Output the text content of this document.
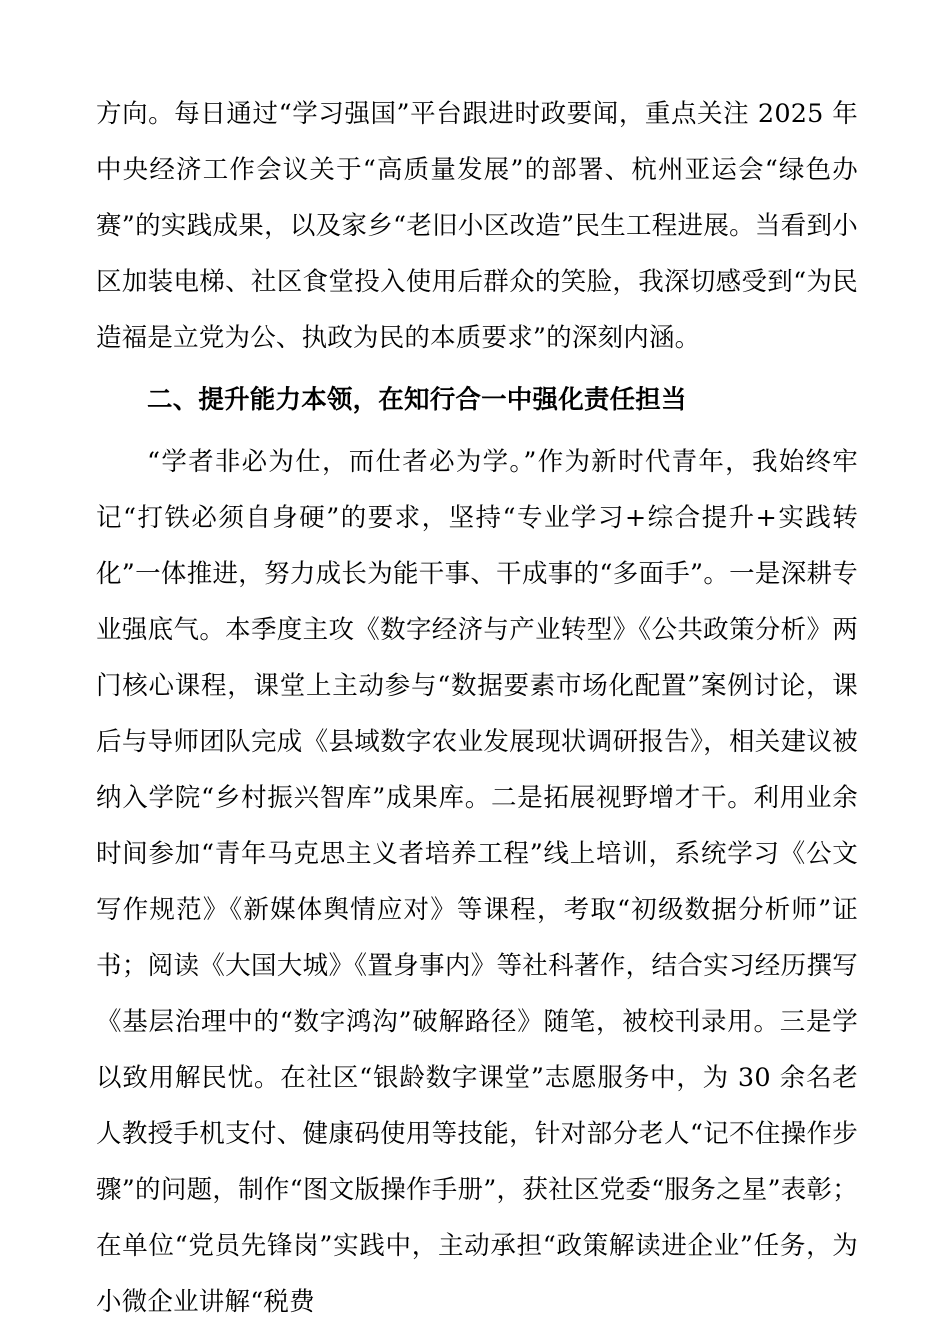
方向。每日通过“学习强国”平台跟进时政要闻，重点关注 2025 年中央经济工作会议关于“高质量发展”的部署、杭州亚运会“绿色办赛”的实践成果，以及家乡“老旧小区改造”民生工程进展。当看到小区加装电梯、社区食堂投入使用后群众的笑脸，我深切感受到“为民造福是立党为公、执政为民的本质要求”的深刻内涵。

二、提升能力本领，在知行合一中强化责任担当

“学者非必为仕，而仕者必为学。”作为新时代青年，我始终牢记“打铁必须自身硬”的要求，坚持“专业学习+综合提升+实践转化”一体推进，努力成长为能干事、干成事的“多面手”。一是深耕专业强底气。本季度主攻《数字经济与产业转型》《公共政策分析》两门核心课程，课堂上主动参与“数据要素市场化配置”案例讨论，课后与导师团队完成《县域数字农业发展现状调研报告》，相关建议被纳入学院“乡村振兴智库”成果库。二是拓展视野增才干。利用业余时间参加“青年马克思主义者培养工程”线上培训，系统学习《公文写作规范》《新媒体舆情应对》等课程，考取“初级数据分析师”证书；阅读《大国大城》《置身事内》等社科著作，结合实习经历撰写《基层治理中的“数字鸿沟”破解路径》随笔，被校刊录用。三是学以致用解民忧。在社区“银龄数字课堂”志愿服务中，为 30 余名老人教授手机支付、健康码使用等技能，针对部分老人“记不住操作步骤”的问题，制作“图文版操作手册”，获社区党委“服务之星”表彰；在单位“党员先锋岗”实践中，主动承担“政策解读进企业”任务，为小微企业讲解“税费
